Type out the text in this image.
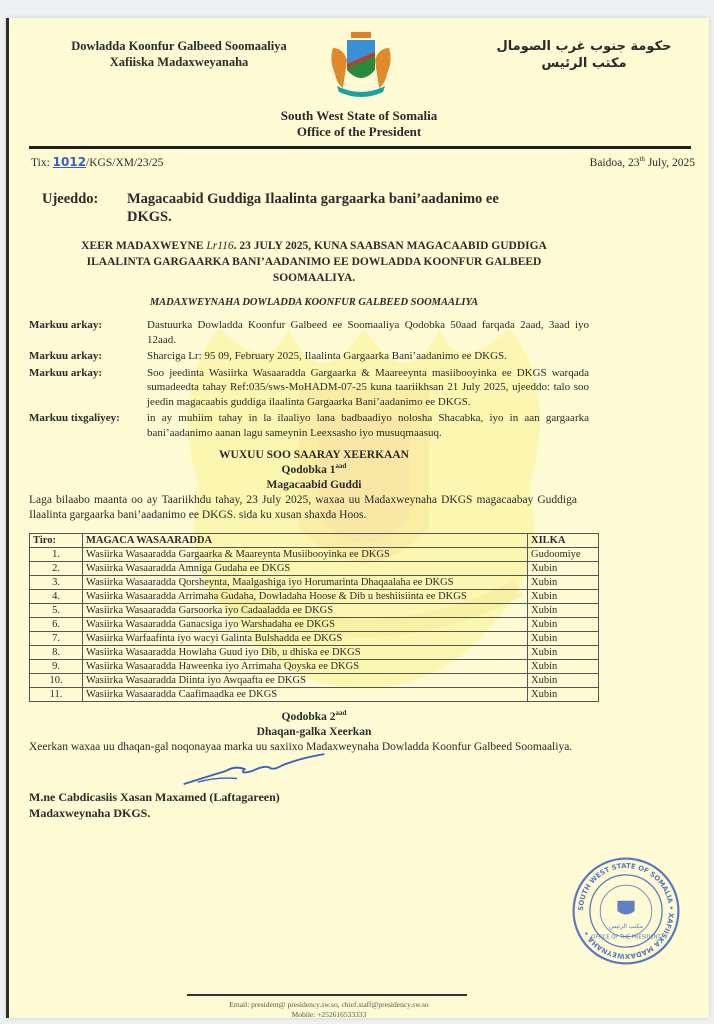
Dowladda Koonfur Galbeed Soomaaliya
Xafiiska Madaxweyanaha
حكومة جنوب غرب الصومال
مكتب الرئيس
South West State of Somalia
Office of the President
Tix: 1012/KGS/XM/23/25	Baidoa, 23th July, 2025
Ujeeddo:	Magacaabid Guddiga Ilaalinta gargaarka bani’aadanimo ee DKGS.
XEER MADAXWEYNE Lr116. 23 JULY 2025, KUNA SAABSAN MAGACAABID GUDDIGA ILAALINTA GARGAARKA BANI’AADANIMO EE DOWLADDA KOONFUR GALBEED SOOMAALIYA.
MADAXWEYNAHA DOWLADDA KOONFUR GALBEED SOOMAALIYA
Markuu arkay:	Dastuurka Dowladda Koonfur Galbeed ee Soomaaliya Qodobka 50aad farqada 2aad, 3aad iyo 12aad.
Markuu arkay:	Sharciga Lr: 95 09, February 2025, Ilaalinta Gargaarka Bani’aadanimo ee DKGS.
Markuu arkay:	Soo jeedinta Wasiirka Wasaaradda Gargaarka & Maareeynta masiibooyinka ee DKGS warqada sumadeedta tahay Ref:035/sws-MoHADM-07-25 kuna taariikhsan 21 July 2025, ujeeddo: talo soo jeedin magacaabis guddiga ilaalinta Gargaarka Bani’aadanimo ee DKGS.
Markuu tixgaliyey:	in ay muhiim tahay in la ilaaliyo lana badbaadiyo nolosha Shacabka, iyo in aan gargaarka bani’aadanimo aanan lagu sameynin Leexsasho iyo musuqmaasuq.
WUXUU SOO SAARAY XEERKAAN
Qodobka $1^{aad}$
Magacaabid Guddi
Laga bilaabo maanta oo ay Taariikhdu tahay, 23 July 2025, waxaa uu Madaxweynaha DKGS magacaabay Guddiga Ilaalinta gargaarka bani’aadanimo ee DKGS. sida ku xusan shaxda Hoos.
Tiro:	MAGACA WASAARADDA	XILKA
1.	Wasiirka Wasaaradda Gargaarka & Maareynta Musiibooyinka ee DKGS	Gudoomiye
2.	Wasiirka Wasaaradda Amniga Gudaha ee DKGS	Xubin
3.	Wasiirka Wasaaradda Qorsheynta, Maalgashiga iyo Horumarinta Dhaqaalaha ee DKGS	Xubin
4.	Wasiirka Wasaaradda Arrimaha Gudaha, Dowladaha Hoose & Dib u heshiisiinta ee DKGS	Xubin
5.	Wasiirka Wasaaradda Garsoorka iyo Cadaaladda ee DKGS	Xubin
6.	Wasiirka Wasaaradda Ganacsiga iyo Warshadaha ee DKGS	Xubin
7.	Wasiirka Warfaafinta iyo wacyi Galinta Bulshadda ee DKGS	Xubin
8.	Wasiirka Wasaaradda Howlaha Guud iyo Dib, u dhiska ee DKGS	Xubin
9.	Wasiirka Wasaaradda Haweenka iyo Arrimaha Qoyska ee DKGS	Xubin
10.	Wasiirka Wasaaradda Diinta iyo Awqaafta ee DKGS	Xubin
11.	Wasiirka Wasaaradda Caafimaadka ee DKGS	Xubin
Qodobka $2^{aad}$
Dhaqan-galka Xeerkan
Xeerkan waxaa uu dhaqan-gal noqonayaa marka uu saxiixo Madaxweynaha Dowladda Koonfur Galbeed Soomaaliya.
M.ne Cabdicasiis Xasan Maxamed (Laftagareen)
Madaxweynaha DKGS.
SOUTH WEST STATE OF SOMALIA • XAFIISKA MADAXWEYNAHA •
مكتب الرئيس
OFFICE OF THE PRESIDENT
Email: president@ presidency.sw.so, chief.staff@presidency.sw.so
Mobile: +252616533333
